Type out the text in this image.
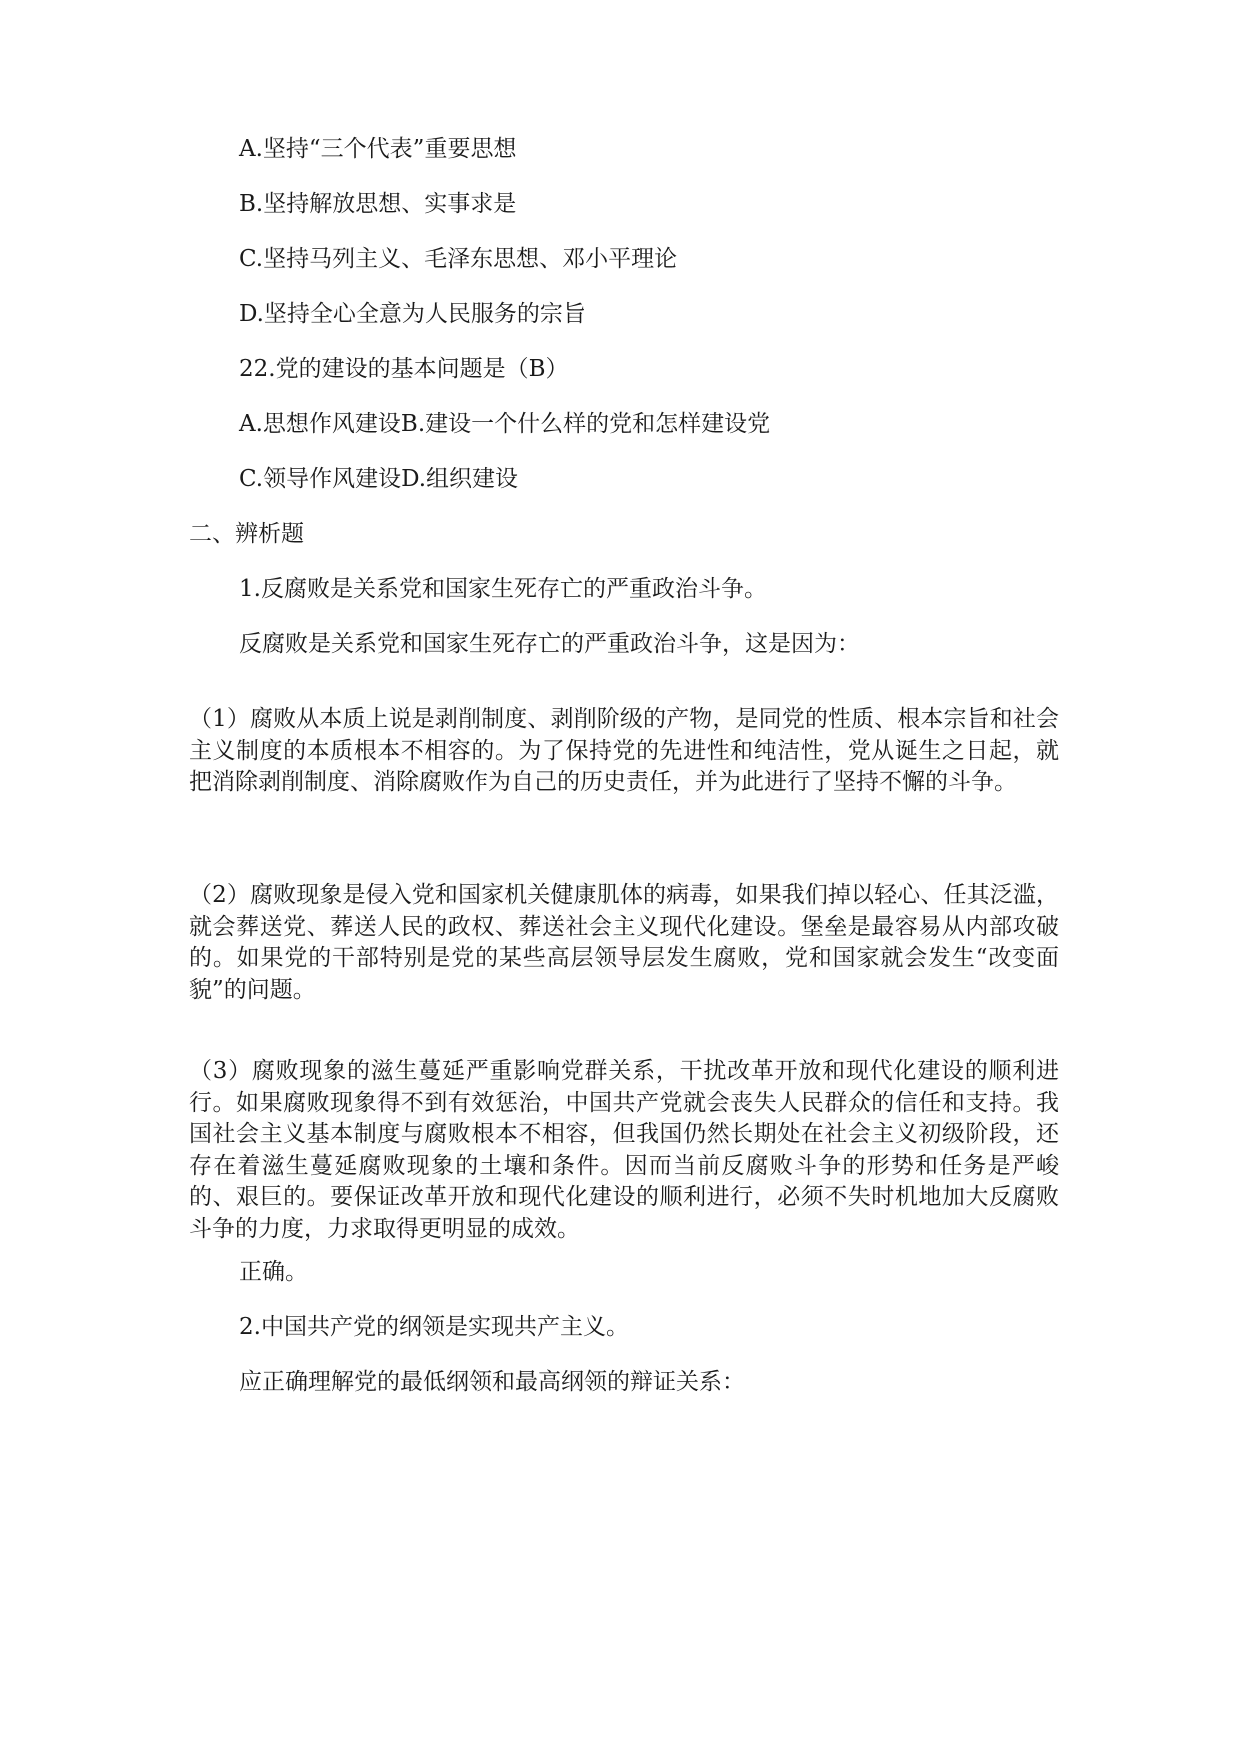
A.坚持“三个代表”重要思想

B.坚持解放思想、实事求是

C.坚持马列主义、毛泽东思想、邓小平理论

D.坚持全心全意为人民服务的宗旨

22.党的建设的基本问题是（B）

A.思想作风建设B.建设一个什么样的党和怎样建设党

C.领导作风建设D.组织建设

二、辨析题

1.反腐败是关系党和国家生死存亡的严重政治斗争。

反腐败是关系党和国家生死存亡的严重政治斗争，这是因为：

（1）腐败从本质上说是剥削制度、剥削阶级的产物，是同党的性质、根本宗旨和社会主义制度的本质根本不相容的。为了保持党的先进性和纯洁性，党从诞生之日起，就把消除剥削制度、消除腐败作为自己的历史责任，并为此进行了坚持不懈的斗争。

（2）腐败现象是侵入党和国家机关健康肌体的病毒，如果我们掉以轻心、任其泛滥，就会葬送党、葬送人民的政权、葬送社会主义现代化建设。堡垒是最容易从内部攻破的。如果党的干部特别是党的某些高层领导层发生腐败，党和国家就会发生“改变面貌”的问题。

（3）腐败现象的滋生蔓延严重影响党群关系，干扰改革开放和现代化建设的顺利进行。如果腐败现象得不到有效惩治，中国共产党就会丧失人民群众的信任和支持。我国社会主义基本制度与腐败根本不相容，但我国仍然长期处在社会主义初级阶段，还存在着滋生蔓延腐败现象的土壤和条件。因而当前反腐败斗争的形势和任务是严峻的、艰巨的。要保证改革开放和现代化建设的顺利进行，必须不失时机地加大反腐败斗争的力度，力求取得更明显的成效。

正确。

2.中国共产党的纲领是实现共产主义。

应正确理解党的最低纲领和最高纲领的辩证关系：
